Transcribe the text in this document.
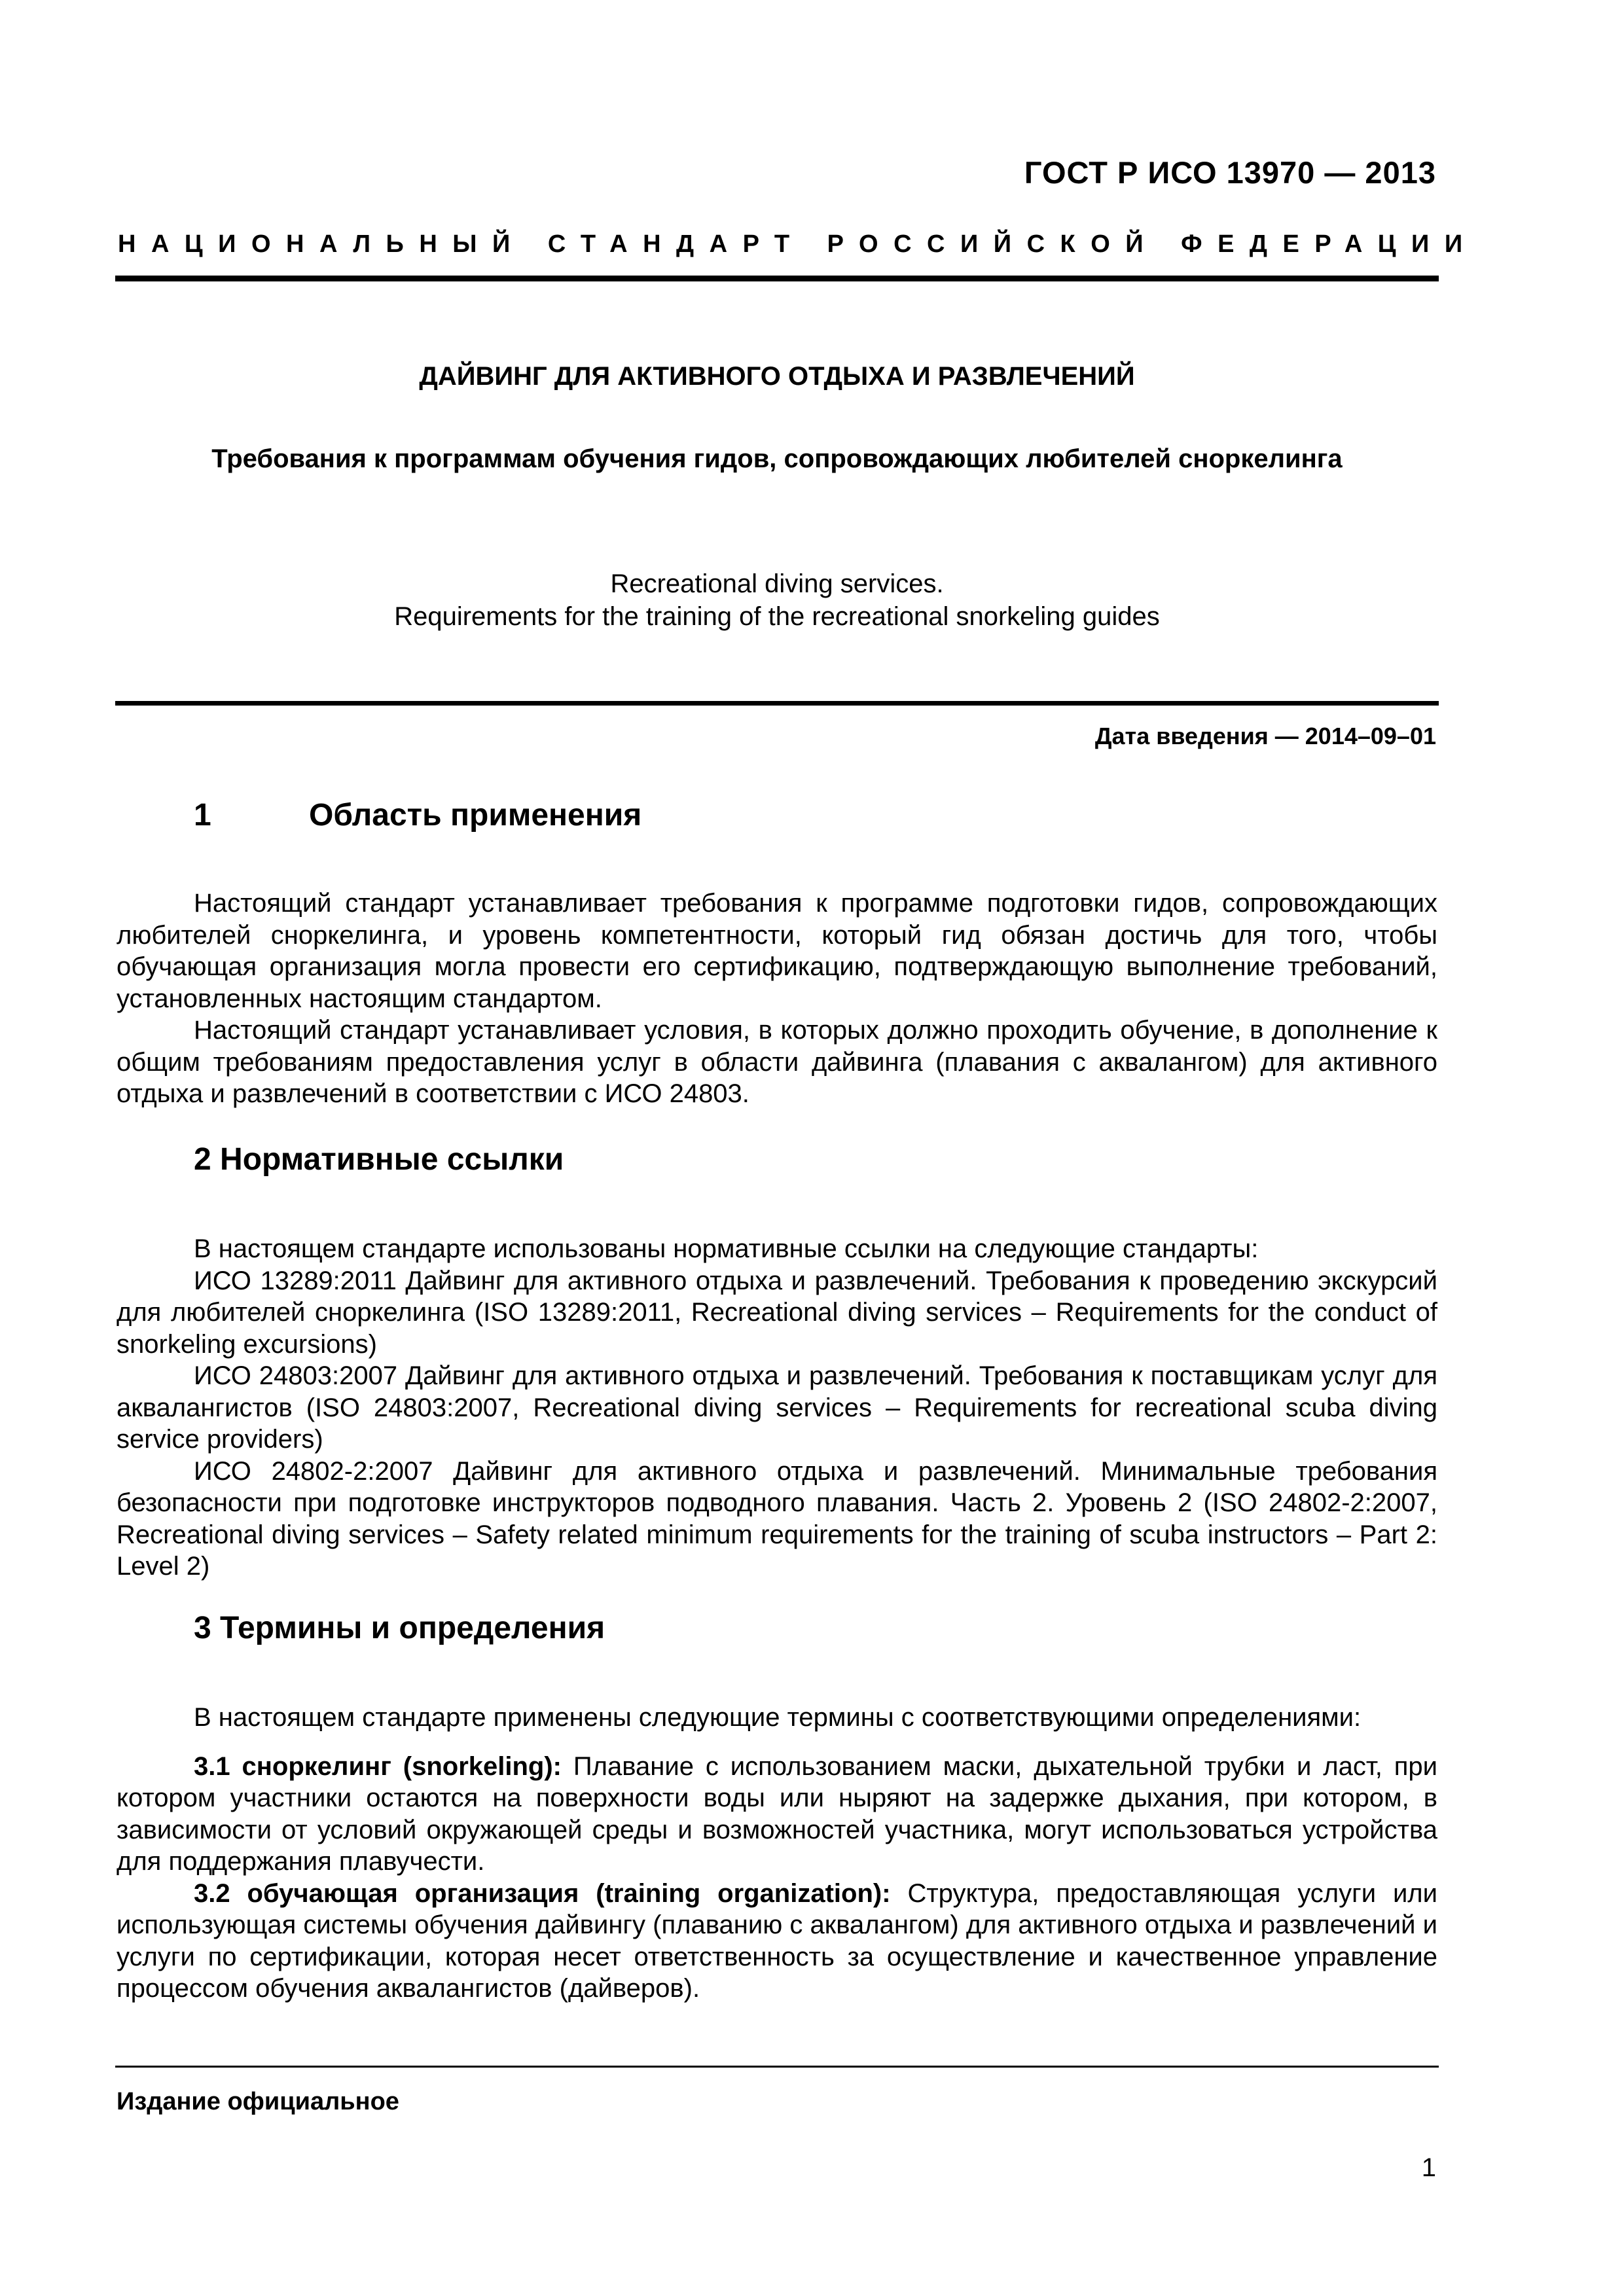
ГОСТ Р ИСО 13970 — 2013
НАЦИОНАЛЬНЫЙ СТАНДАРТ РОССИЙСКОЙ ФЕДЕРАЦИИ
ДАЙВИНГ ДЛЯ АКТИВНОГО ОТДЫХА И РАЗВЛЕЧЕНИЙ
Требования к программам обучения гидов, сопровождающих любителей сноркелинга
Recreational diving services.
Requirements for the training of the recreational snorkeling guides
Дата введения — 2014–09–01
1	Область применения

Настоящий стандарт устанавливает требования к программе подготовки гидов, сопровождающих любителей сноркелинга, и уровень компетентности, который гид обязан достичь для того, чтобы обучающая организация могла провести его сертификацию, подтверждающую выполнение требований, установленных настоящим стандартом.

Настоящий стандарт устанавливает условия, в которых должно проходить обучение, в дополнение к общим требованиям предоставления услуг в области дайвинга (плавания с аквалангом) для активного отдыха и развлечений в соответствии с ИСО 24803.

2 Нормативные ссылки

В настоящем стандарте использованы нормативные ссылки на следующие стандарты:

ИСО 13289:2011 Дайвинг для активного отдыха и развлечений. Требования к проведению экскурсий для любителей сноркелинга (ISO 13289:2011, Recreational diving services – Requirements for the conduct of snorkeling excursions)

ИСО 24803:2007 Дайвинг для активного отдыха и развлечений. Требования к поставщикам услуг для аквалангистов (ISO 24803:2007, Recreational diving services – Requirements for recreational scuba diving service providers)

ИСО 24802-2:2007 Дайвинг для активного отдыха и развлечений. Минимальные требования безопасности при подготовке инструкторов подводного плавания. Часть 2. Уровень 2 (ISO 24802-2:2007, Recreational diving services – Safety related minimum requirements for the training of scuba instructors – Part 2: Level 2)

3 Термины и определения

В настоящем стандарте применены следующие термины с соответствующими определениями:

3.1 сноркелинг (snorkeling): Плавание с использованием маски, дыхательной трубки и ласт, при котором участники остаются на поверхности воды или ныряют на задержке дыхания, при котором, в зависимости от условий окружающей среды и возможностей участника, могут использоваться устройства для поддержания плавучести.

3.2 обучающая организация (training organization): Структура, предоставляющая услуги или использующая системы обучения дайвингу (плаванию с аквалангом) для активного отдыха и развлечений и услуги по сертификации, которая несет ответственность за осуществление и качественное управление процессом обучения аквалангистов (дайверов).

Издание официальное
1
